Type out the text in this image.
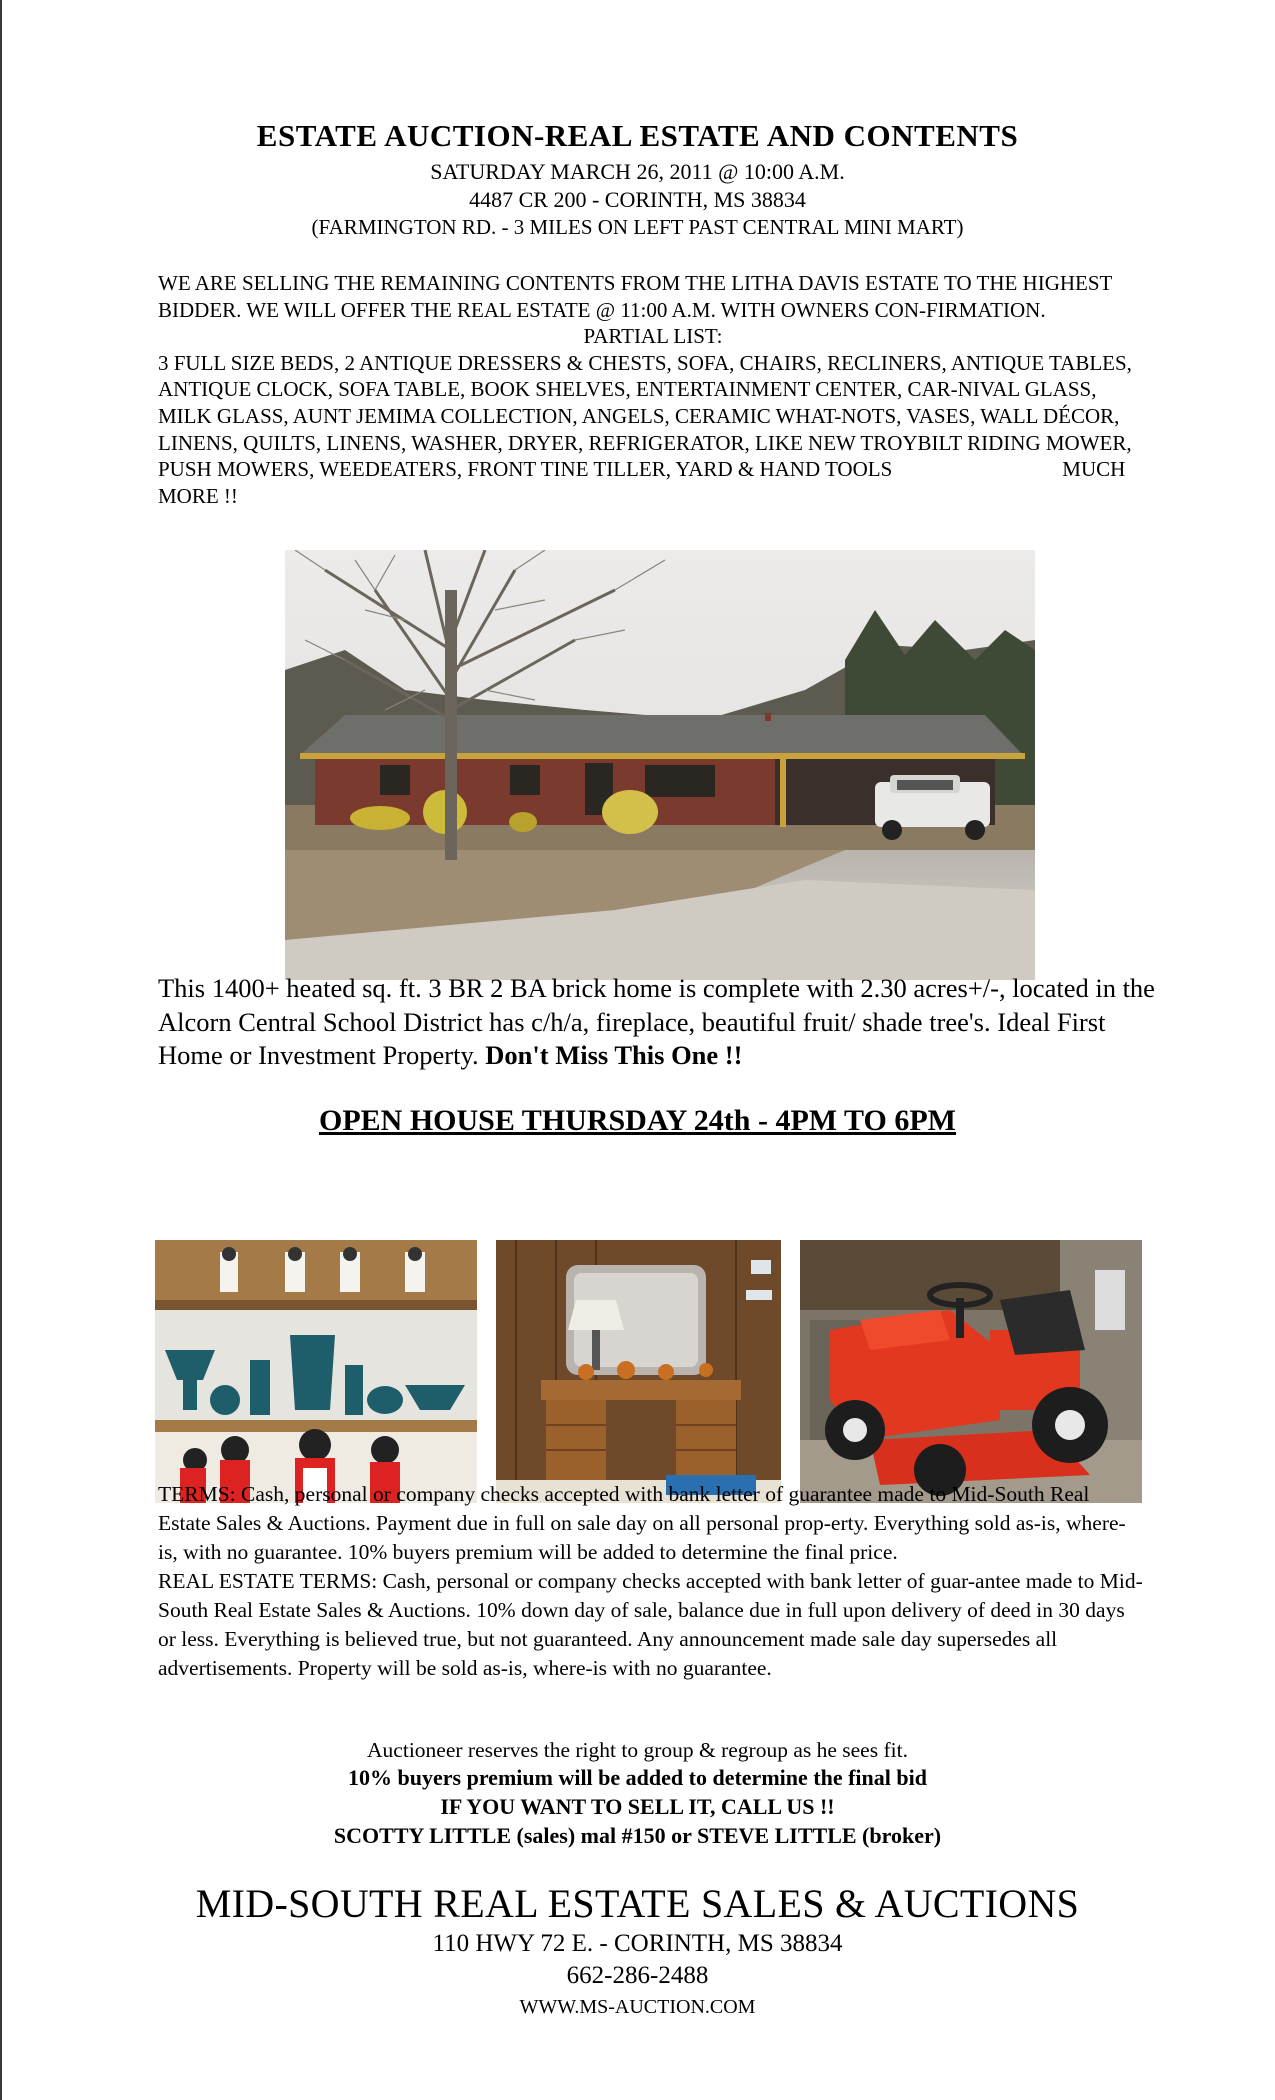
ESTATE AUCTION-REAL ESTATE AND CONTENTS
SATURDAY MARCH 26, 2011 @ 10:00 A.M.
4487 CR 200 - CORINTH, MS 38834
(FARMINGTON RD. - 3 MILES ON LEFT PAST CENTRAL MINI MART)

WE ARE SELLING THE REMAINING CONTENTS FROM THE LITHA DAVIS ESTATE TO THE HIGHEST BIDDER. WE WILL OFFER THE REAL ESTATE @ 11:00 A.M. WITH OWNERS CON-FIRMATION.

PARTIAL LIST:

3 FULL SIZE BEDS, 2 ANTIQUE DRESSERS & CHESTS, SOFA, CHAIRS, RECLINERS, ANTIQUE TABLES, ANTIQUE CLOCK, SOFA TABLE, BOOK SHELVES, ENTERTAINMENT CENTER, CAR-NIVAL GLASS, MILK GLASS, AUNT JEMIMA COLLECTION, ANGELS, CERAMIC WHAT-NOTS, VASES, WALL DÉCOR, LINENS, QUILTS, LINENS, WASHER, DRYER, REFRIGERATOR, LIKE NEW TROYBILT RIDING MOWER, PUSH MOWERS, WEEDEATERS, FRONT TINE TILLER, YARD & HAND TOOLS	MUCH MORE !!

This 1400+ heated sq. ft. 3 BR 2 BA brick home is complete with 2.30 acres+/-, located in the Alcorn Central School District has c/h/a, fireplace, beautiful fruit/ shade tree's. Ideal First Home or Investment Property. Don't Miss This One !!
OPEN HOUSE THURSDAY 24th - 4PM TO 6PM

TERMS: Cash, personal or company checks accepted with bank letter of guarantee made to Mid-South Real Estate Sales & Auctions. Payment due in full on sale day on all personal prop-erty. Everything sold as-is, where-is, with no guarantee. 10% buyers premium will be added to determine the final price.

REAL ESTATE TERMS: Cash, personal or company checks accepted with bank letter of guar-antee made to Mid-South Real Estate Sales & Auctions. 10% down day of sale, balance due in full upon delivery of deed in 30 days or less. Everything is believed true, but not guaranteed. Any announcement made sale day supersedes all advertisements. Property will be sold as-is, where-is with no guarantee.

Auctioneer reserves the right to group & regroup as he sees fit.
10% buyers premium will be added to determine the final bid
IF YOU WANT TO SELL IT, CALL US !!
SCOTTY LITTLE (sales) mal #150 or STEVE LITTLE (broker)
MID-SOUTH REAL ESTATE SALES & AUCTIONS
110 HWY 72 E. - CORINTH, MS 38834
662-286-2488
WWW.MS-AUCTION.COM
